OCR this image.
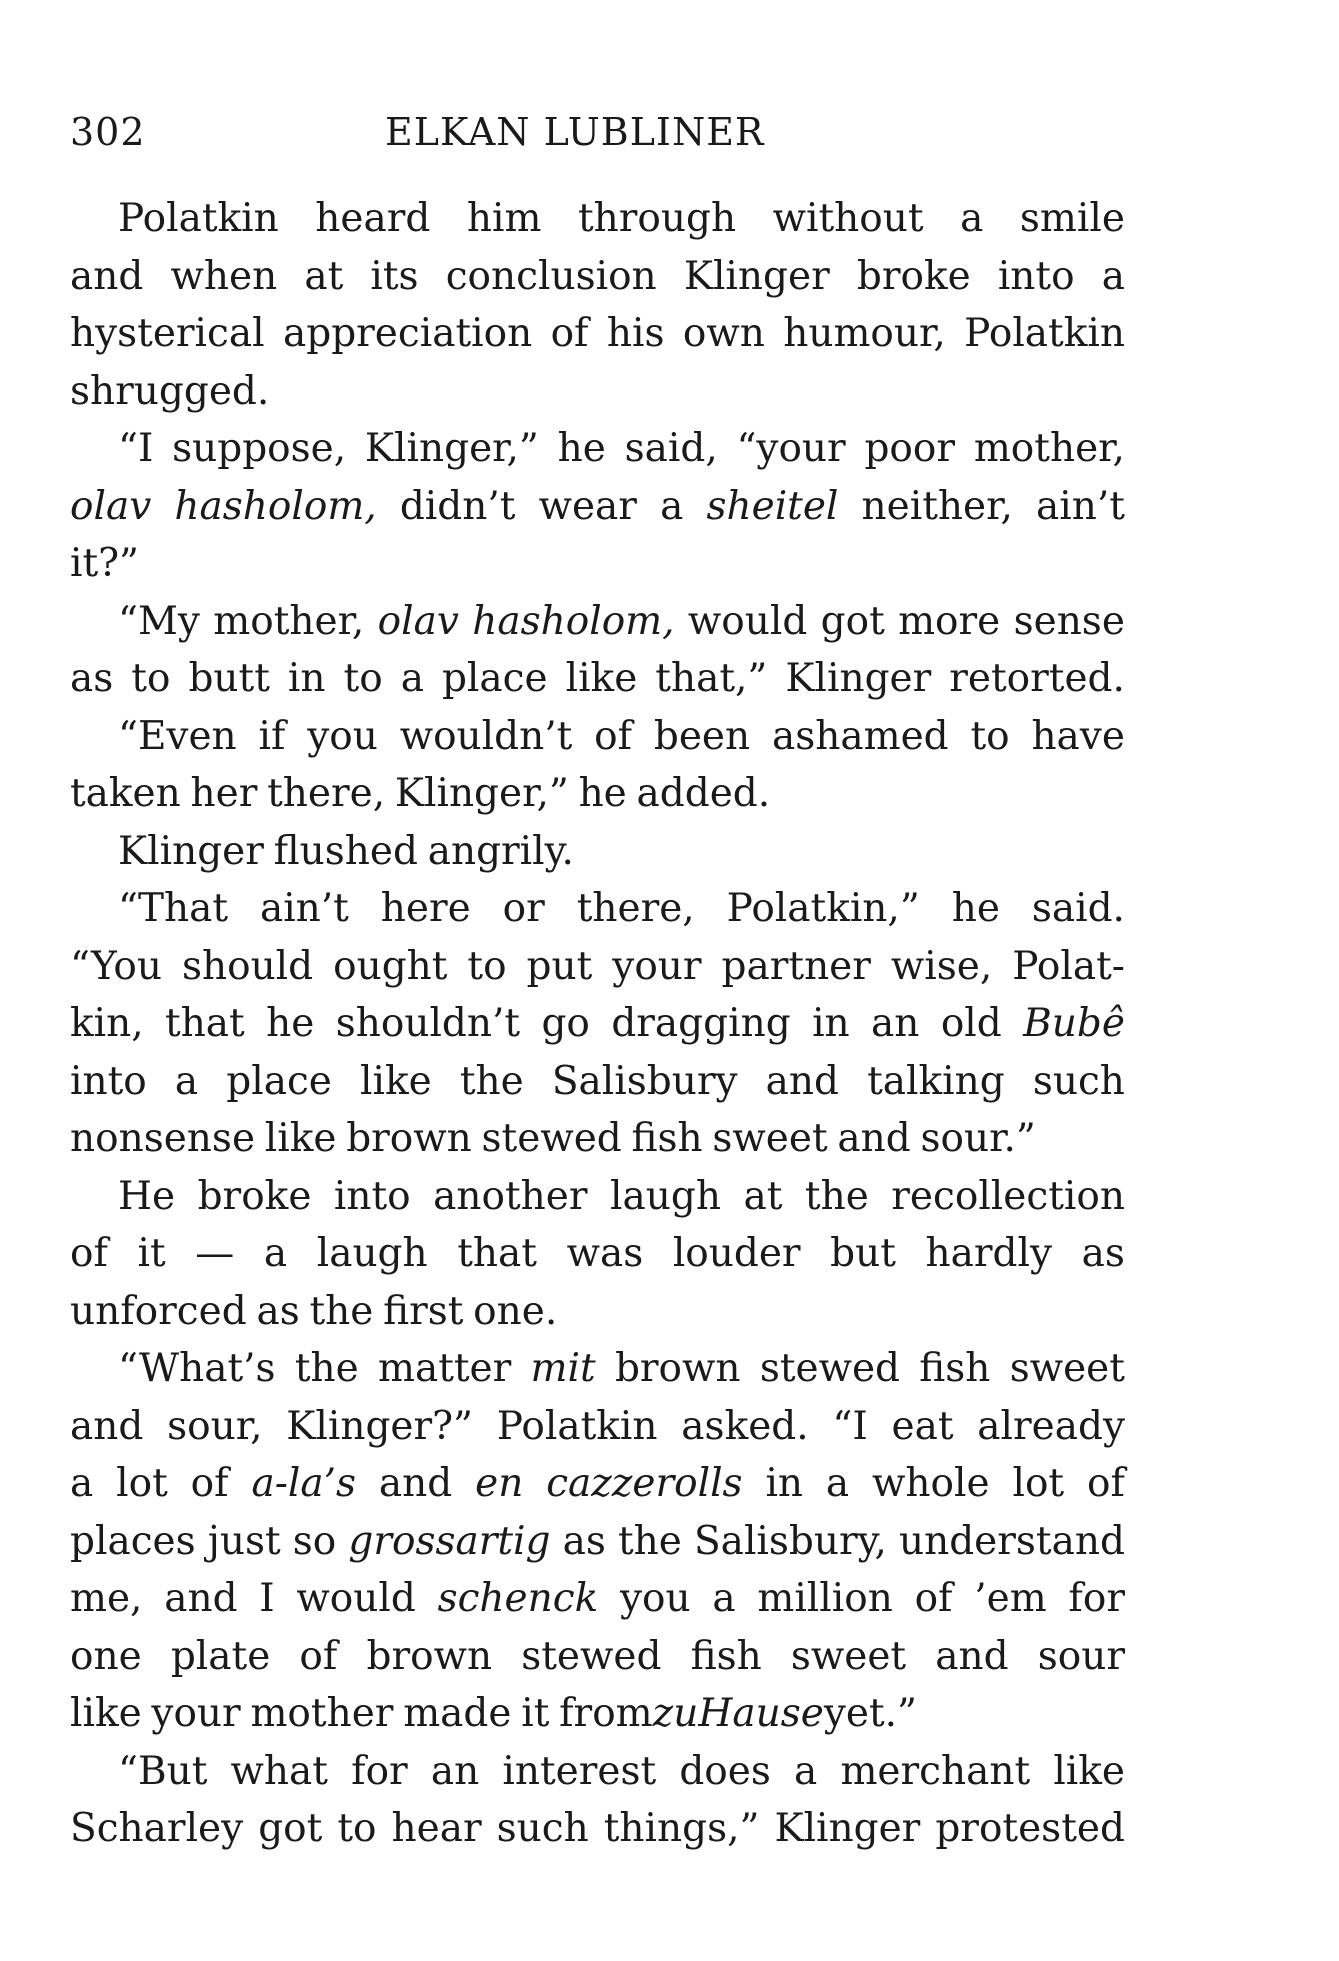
302	ELKAN LUBLINER
Polatkin heard him through without a smile
and when at its conclusion Klinger broke into a
hysterical appreciation of his own humour, Polatkin
shrugged.
“I suppose, Klinger,” he said, “your poor mother,
olav hasholom, didn’t wear a sheitel neither, ain’t
it?”
“My mother, olav hasholom, would got more sense
as to butt in to a place like that,” Klinger retorted.
“Even if you wouldn’t of been ashamed to have
taken her there, Klinger,” he added.
Klinger flushed angrily.
“That ain’t here or there, Polatkin,” he said.
“You should ought to put your partner wise, Polat-
kin, that he shouldn’t go dragging in an old Bubê
into a place like the Salisbury and talking such
nonsense like brown stewed fish sweet and sour.”
He broke into another laugh at the recollection
of it — a laugh that was louder but hardly as
unforced as the first one.
“What’s the matter mit brown stewed fish sweet
and sour, Klinger?” Polatkin asked. “I eat already
a lot of a-la’s and en cazzerolls in a whole lot of
places just so grossartig as the Salisbury, understand
me, and I would schenck you a million of ’em for
one plate of brown stewed fish sweet and sour
like your mother made it from zu Hause yet.”
“But what for an interest does a merchant like
Scharley got to hear such things,” Klinger protested
